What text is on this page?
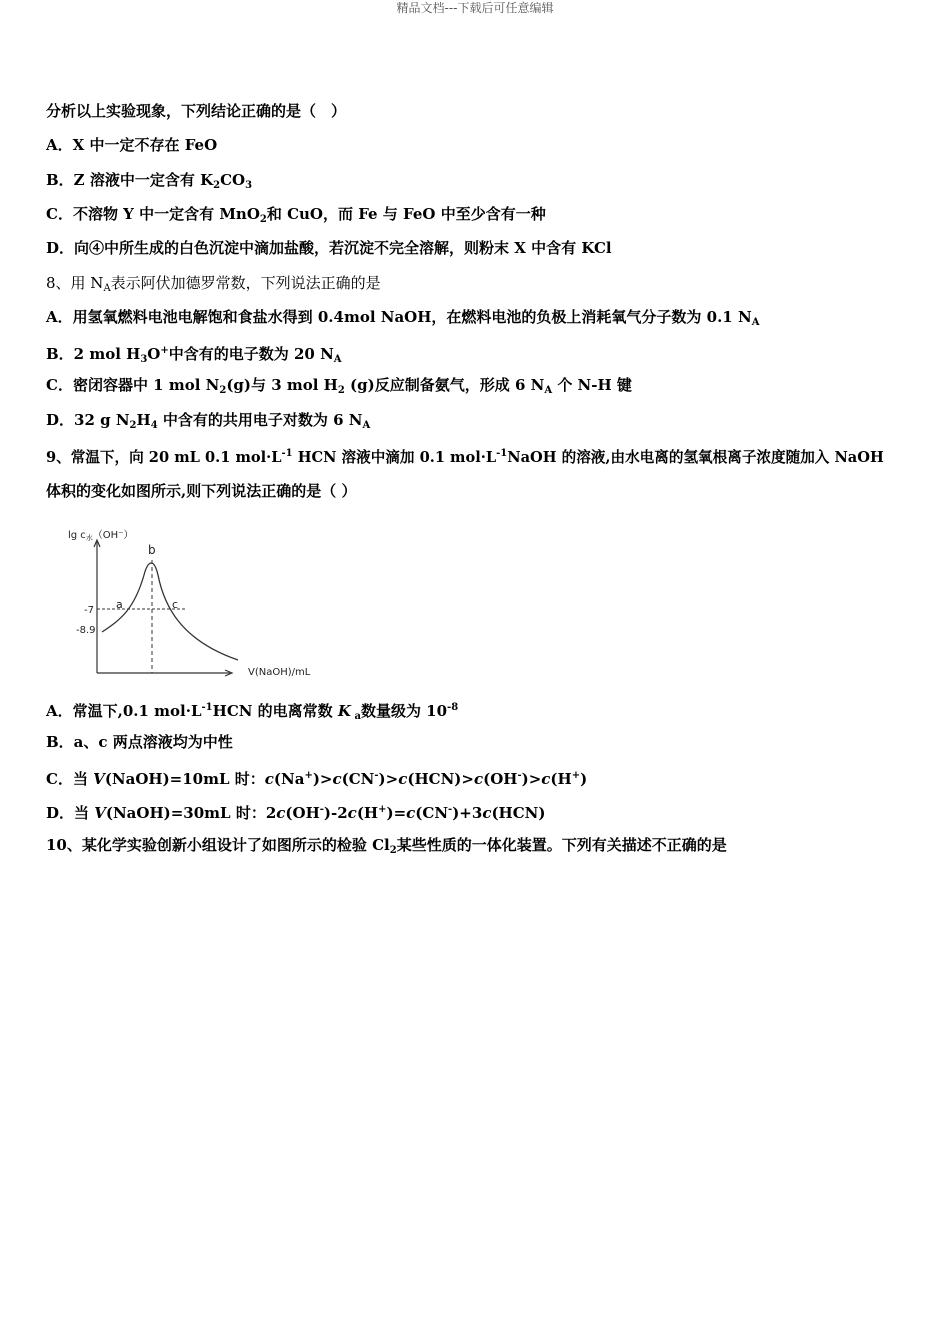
精品文档---下载后可任意编辑
分析以上实验现象，下列结论正确的是（　）
A．X 中一定不存在 FeO
B．Z 溶液中一定含有 $K_2CO_3$
C．不溶物 Y 中一定含有 MnO$_2$和 CuO，而 Fe 与 FeO 中至少含有一种
D．向④中所生成的白色沉淀中滴加盐酸，若沉淀不完全溶解，则粉末 X 中含有 KCl
8、用 $N_A$表示阿伏加德罗常数，下列说法正确的是
A．用氢氧燃料电池电解饱和食盐水得到 0.4mol NaOH，在燃料电池的负极上消耗氧气分子数为 0.1 $N_A$
B．2 mol $H_3O^+$中含有的电子数为 20 $N_A$
C．密闭容器中 1 mol $N_2(g)$与 3 mol $H_2$ (g)反应制备氨气，形成 6 $N_A$ 个 N-H 键
D．32 g $N_2H_4$ 中含有的共用电子对数为 6 $N_A$
9、常温下，向 20 mL 0.1 $mol\cdot L^{-1}$ HCN 溶液中滴加 0.1 $mol\cdot L^{-1}NaOH$ 的溶液,由水电离的氢氧根离子浓度随加入 NaOH
体积的变化如图所示,则下列说法正确的是（ ）
$\lg c_水(OH^-)$
-7
-8.9
a
b
c
V(NaOH)/mL
A．常温下,0.1 $mol\cdot L^{-1}HCN$ 的电离常数 K $_a$数量级为 $10^{-8}$
B．a、c 两点溶液均为中性
C．当 V(NaOH)=10mL 时：c(Na+)>c(CN-)>c(HCN)>c(OH-)>c(H+)
D．当 V(NaOH)=30mL 时：2c(OH-)-2c(H+)=c(CN-)+3c(HCN)
10、某化学实验创新小组设计了如图所示的检验 $Cl_2$某些性质的一体化装置。下列有关描述不正确的是
